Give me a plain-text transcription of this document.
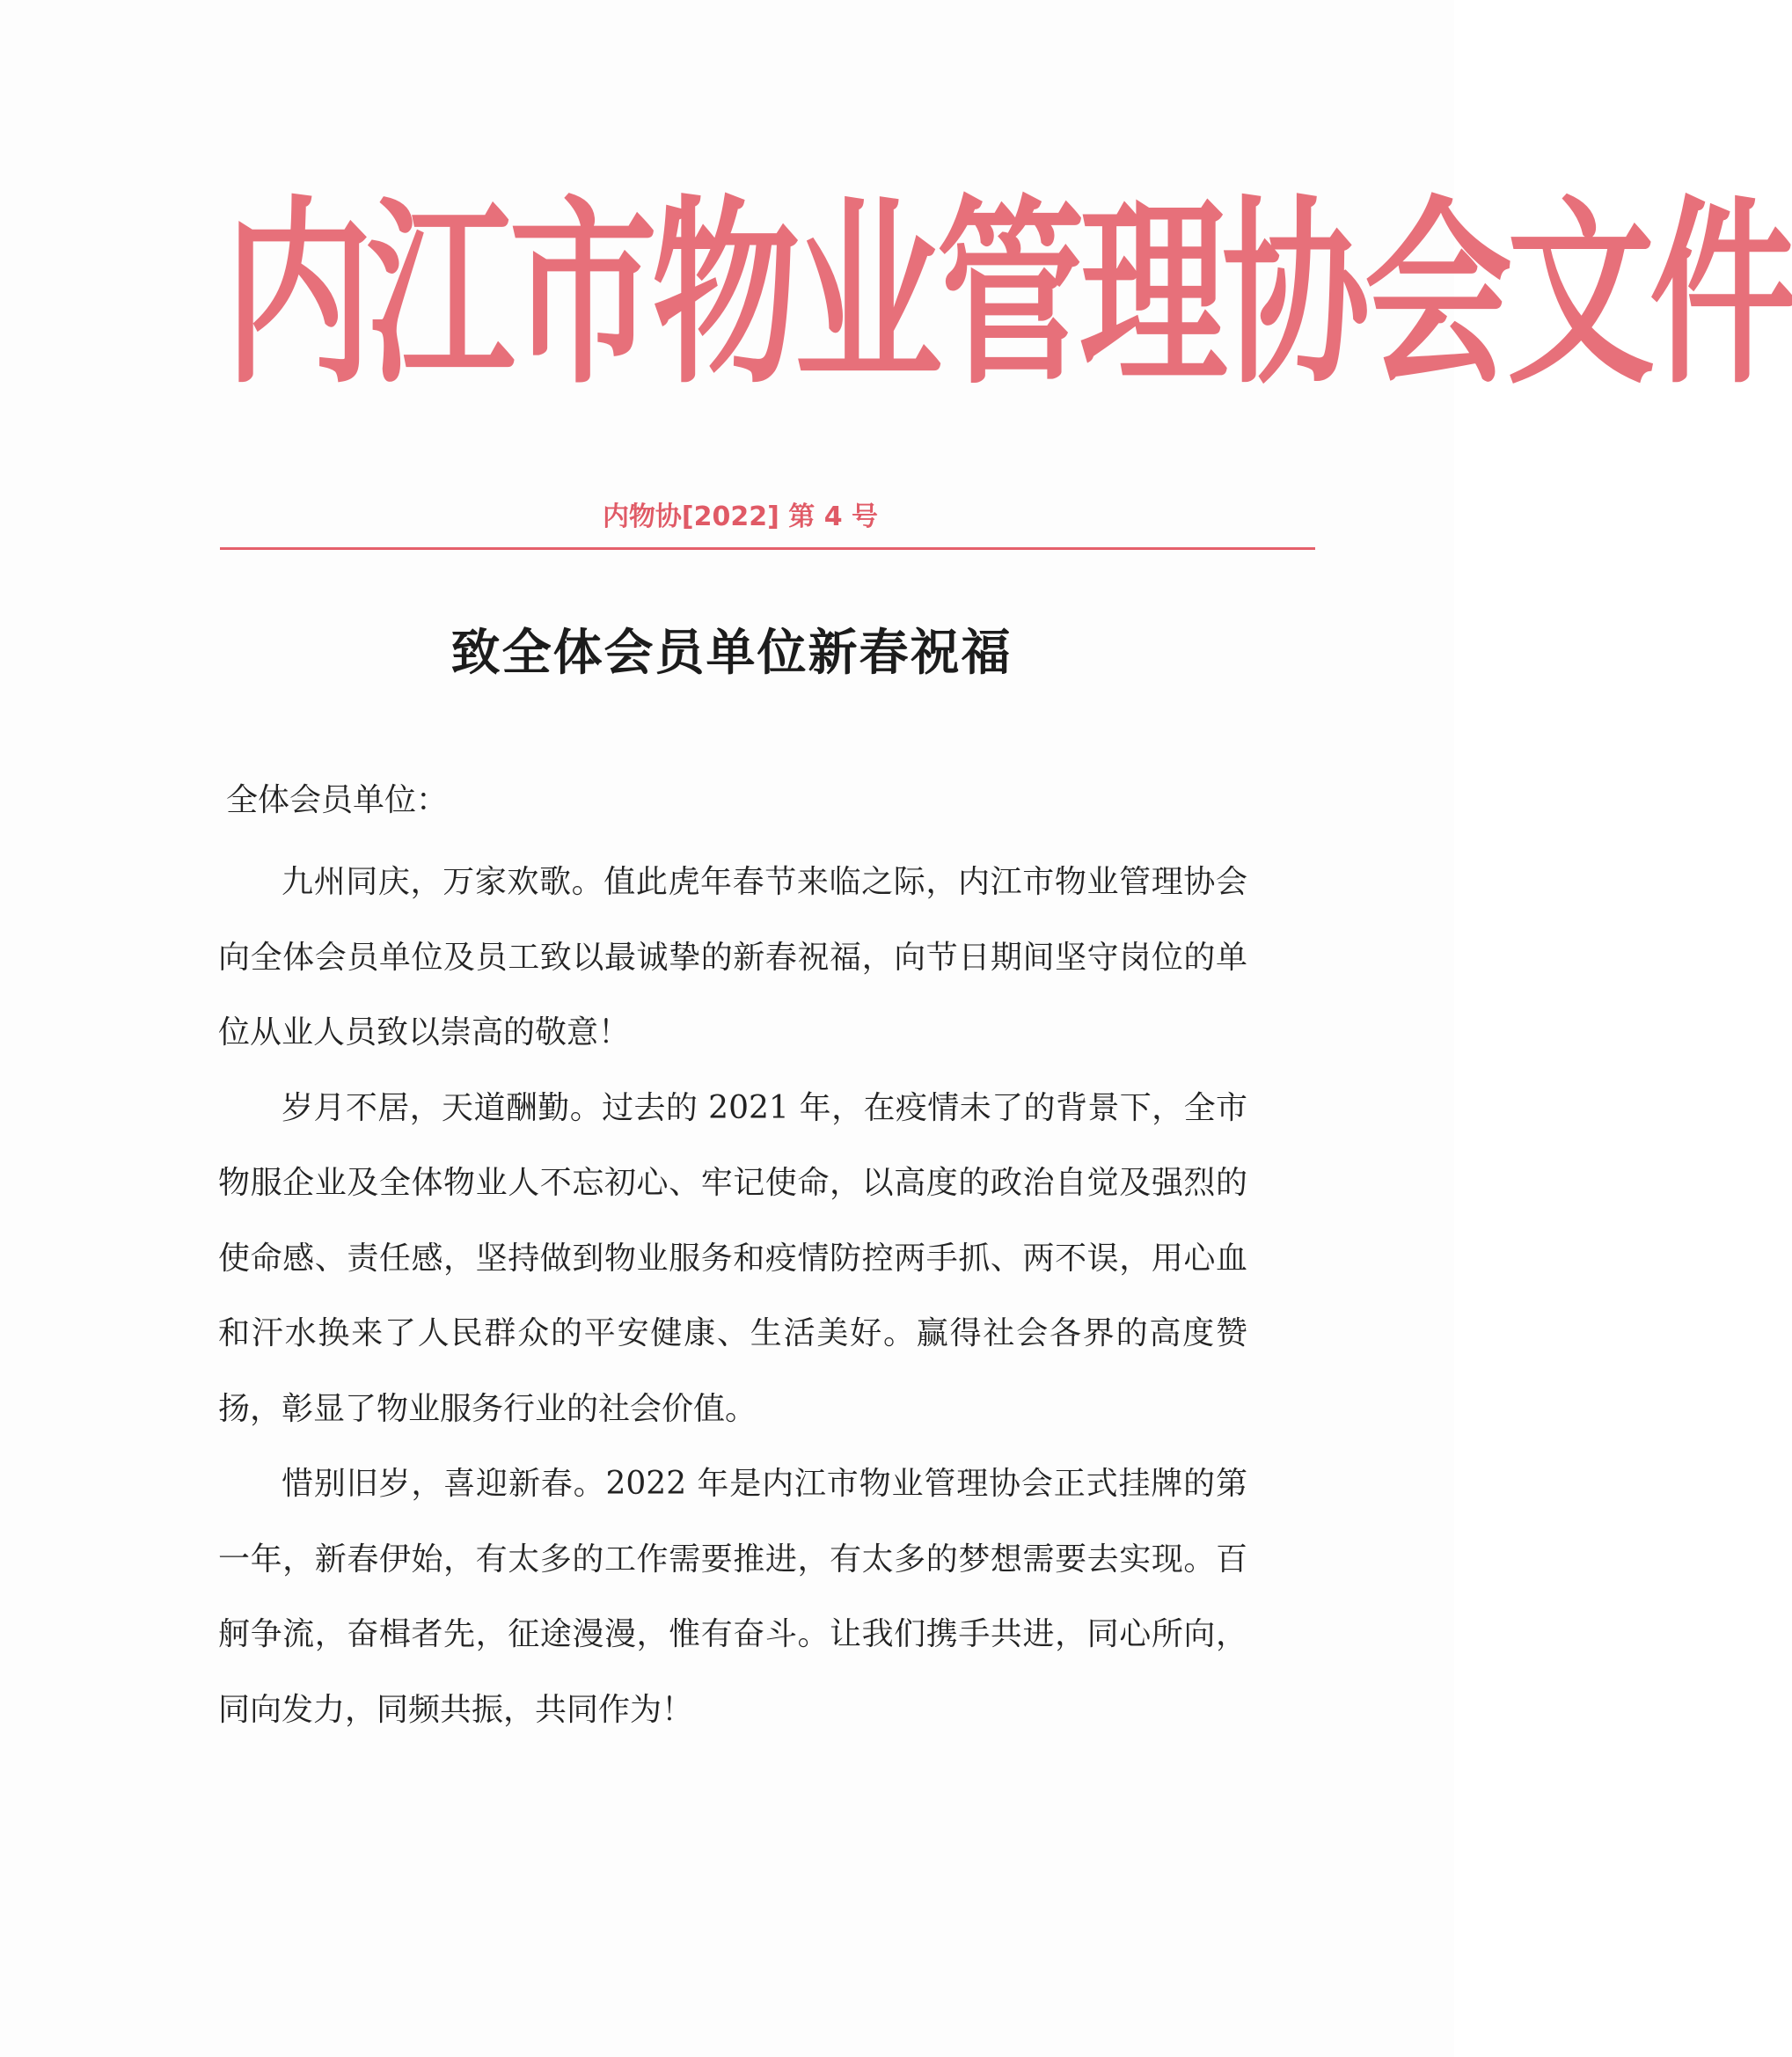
内江市物业管理协会文件
内物协[2022] 第 4 号
致全体会员单位新春祝福
全体会员单位：

九州同庆，万家欢歌。值此虎年春节来临之际，内江市物业管理协会向全体会员单位及员工致以最诚挚的新春祝福，向节日期间坚守岗位的单位从业人员致以崇高的敬意！

岁月不居，天道酬勤。过去的 2021 年，在疫情未了的背景下，全市物服企业及全体物业人不忘初心、牢记使命，以高度的政治自觉及强烈的使命感、责任感，坚持做到物业服务和疫情防控两手抓、两不误，用心血和汗水换来了人民群众的平安健康、生活美好。赢得社会各界的高度赞扬，彰显了物业服务行业的社会价值。

惜别旧岁，喜迎新春。2022 年是内江市物业管理协会正式挂牌的第一年，新春伊始，有太多的工作需要推进，有太多的梦想需要去实现。百舸争流，奋楫者先，征途漫漫，惟有奋斗。让我们携手共进，同心所向，同向发力，同频共振，共同作为！
